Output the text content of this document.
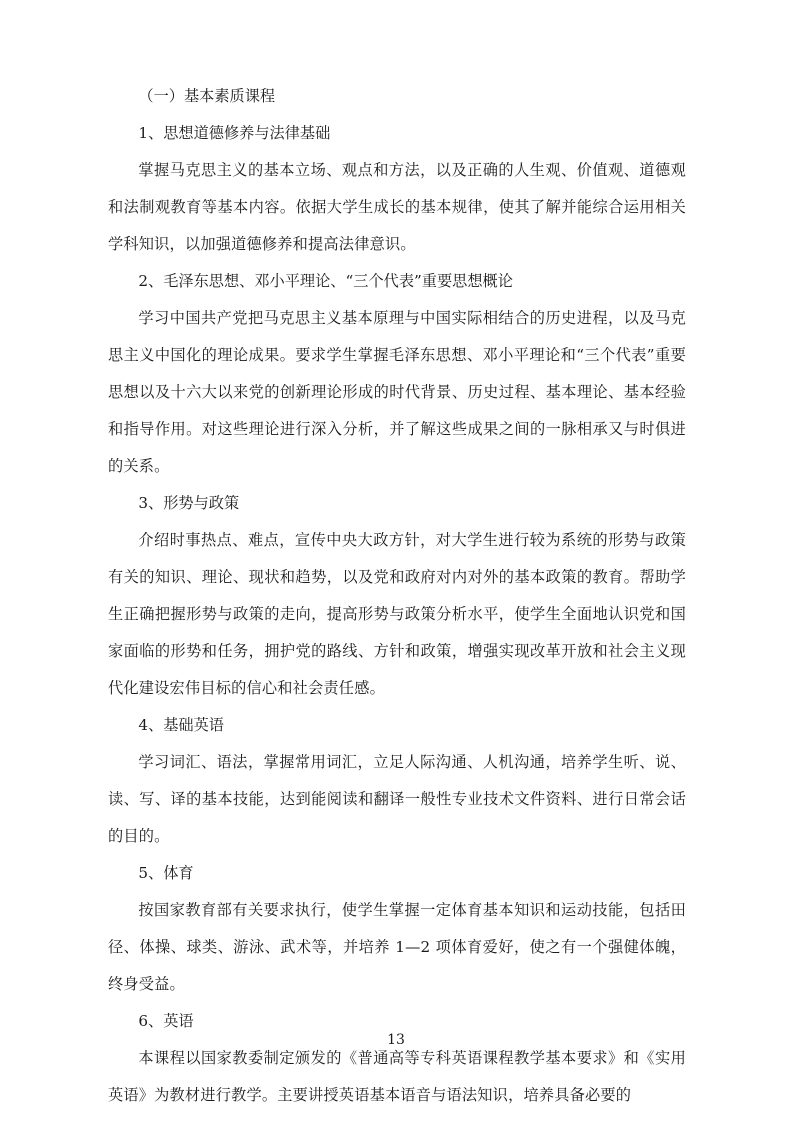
（一）基本素质课程

1、思想道德修养与法律基础

掌握马克思主义的基本立场、观点和方法，以及正确的人生观、价值观、道德观和法制观教育等基本内容。依据大学生成长的基本规律，使其了解并能综合运用相关学科知识，以加强道德修养和提高法律意识。

2、毛泽东思想、邓小平理论、“三个代表”重要思想概论

学习中国共产党把马克思主义基本原理与中国实际相结合的历史进程，以及马克思主义中国化的理论成果。要求学生掌握毛泽东思想、邓小平理论和“三个代表”重要思想以及十六大以来党的创新理论形成的时代背景、历史过程、基本理论、基本经验和指导作用。对这些理论进行深入分析，并了解这些成果之间的一脉相承又与时俱进的关系。

3、形势与政策

介绍时事热点、难点，宣传中央大政方针，对大学生进行较为系统的形势与政策有关的知识、理论、现状和趋势，以及党和政府对内对外的基本政策的教育。帮助学生正确把握形势与政策的走向，提高形势与政策分析水平，使学生全面地认识党和国家面临的形势和任务，拥护党的路线、方针和政策，增强实现改革开放和社会主义现代化建设宏伟目标的信心和社会责任感。

4、基础英语

学习词汇、语法，掌握常用词汇，立足人际沟通、人机沟通，培养学生听、说、读、写、译的基本技能，达到能阅读和翻译一般性专业技术文件资料、进行日常会话的目的。

5、体育

按国家教育部有关要求执行，使学生掌握一定体育基本知识和运动技能，包括田径、体操、球类、游泳、武术等，并培养 1—2 项体育爱好，使之有一个强健体魄，终身受益。

6、英语

本课程以国家教委制定颁发的《普通高等专科英语课程教学基本要求》和《实用英语》为教材进行教学。主要讲授英语基本语音与语法知识，培养具备必要的

13
